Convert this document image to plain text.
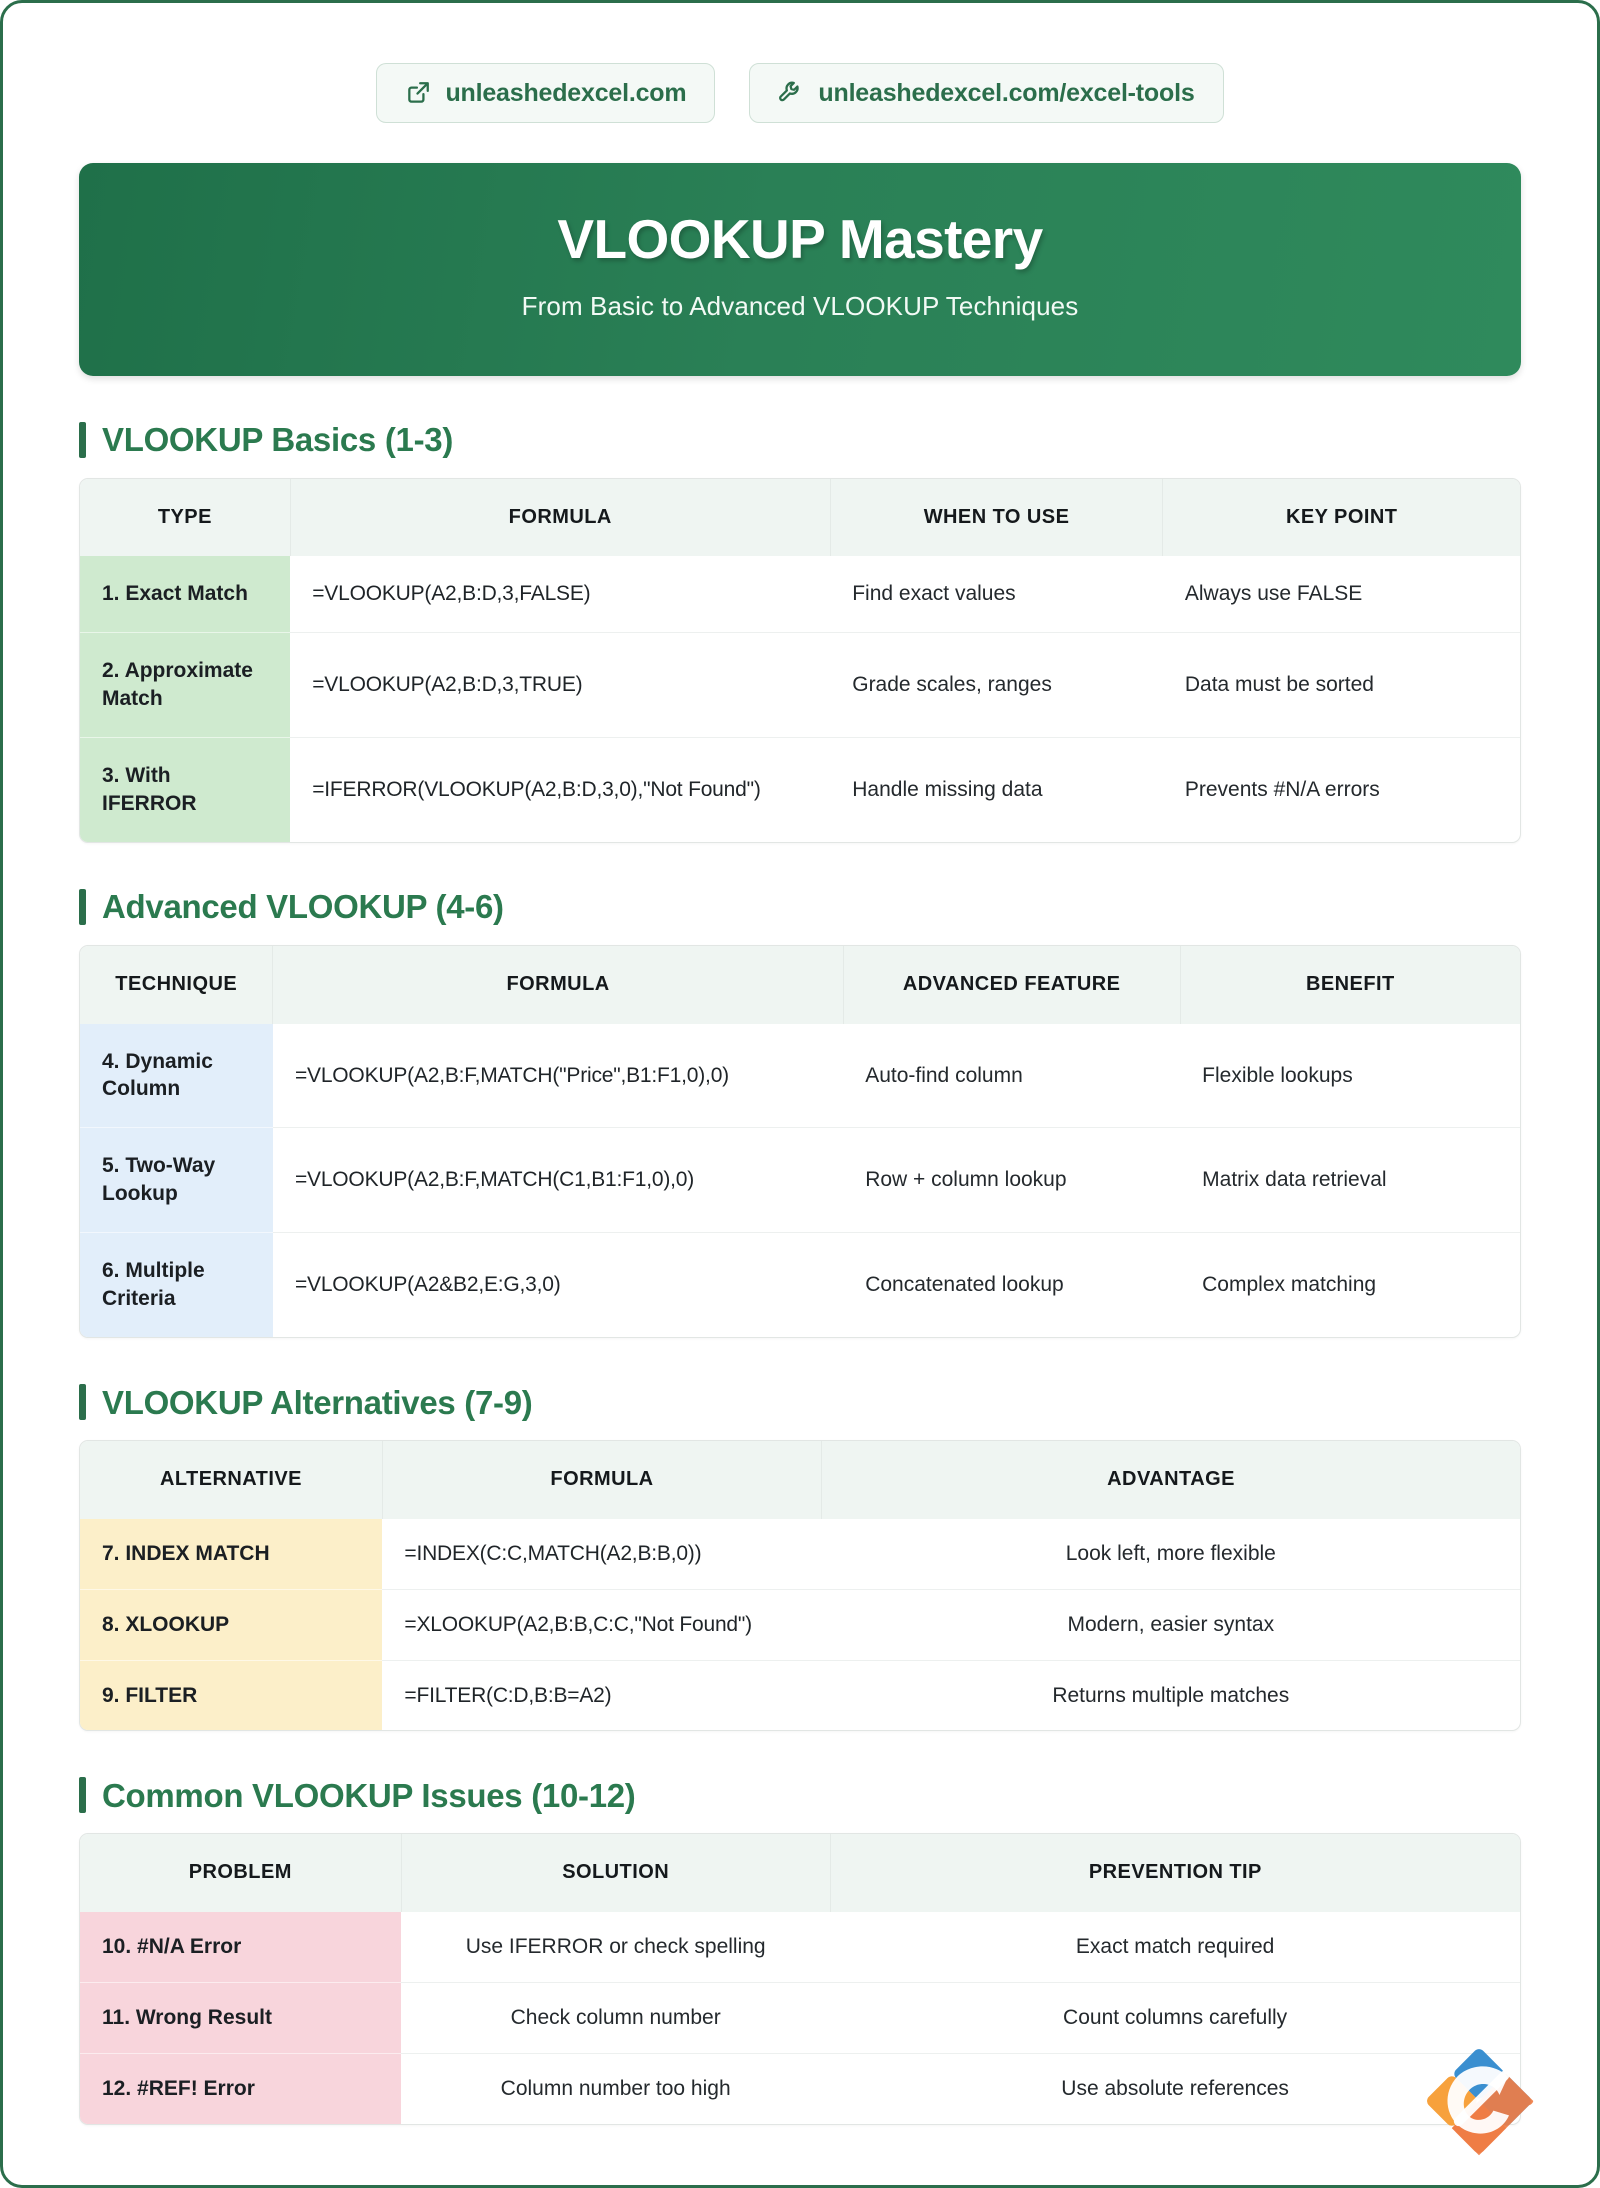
unleashedexcel.com	unleashedexcel.com/excel-tools
VLOOKUP Mastery

From Basic to Advanced VLOOKUP Techniques

VLOOKUP Basics (1-3)
TYPE	FORMULA	WHEN TO USE	KEY POINT
1. Exact Match	=VLOOKUP(A2,B:D,3,FALSE)	Find exact values	Always use FALSE
2. Approximate Match	=VLOOKUP(A2,B:D,3,TRUE)	Grade scales, ranges	Data must be sorted
3. With IFERROR	=IFERROR(VLOOKUP(A2,B:D,3,0),"Not Found")	Handle missing data	Prevents #N/A errors
Advanced VLOOKUP (4-6)
TECHNIQUE	FORMULA	ADVANCED FEATURE	BENEFIT
4. Dynamic Column	=VLOOKUP(A2,B:F,MATCH("Price",B1:F1,0),0)	Auto-find column	Flexible lookups
5. Two-Way Lookup	=VLOOKUP(A2,B:F,MATCH(C1,B1:F1,0),0)	Row + column lookup	Matrix data retrieval
6. Multiple Criteria	=VLOOKUP(A2&B2,E:G,3,0)	Concatenated lookup	Complex matching
VLOOKUP Alternatives (7-9)
ALTERNATIVE	FORMULA	ADVANTAGE
7. INDEX MATCH	=INDEX(C:C,MATCH(A2,B:B,0))	Look left, more flexible
8. XLOOKUP	=XLOOKUP(A2,B:B,C:C,"Not Found")	Modern, easier syntax
9. FILTER	=FILTER(C:D,B:B=A2)	Returns multiple matches
Common VLOOKUP Issues (10-12)
PROBLEM	SOLUTION	PREVENTION TIP
10. #N/A Error	Use IFERROR or check spelling	Exact match required
11. Wrong Result	Check column number	Count columns carefully
12. #REF! Error	Column number too high	Use absolute references
